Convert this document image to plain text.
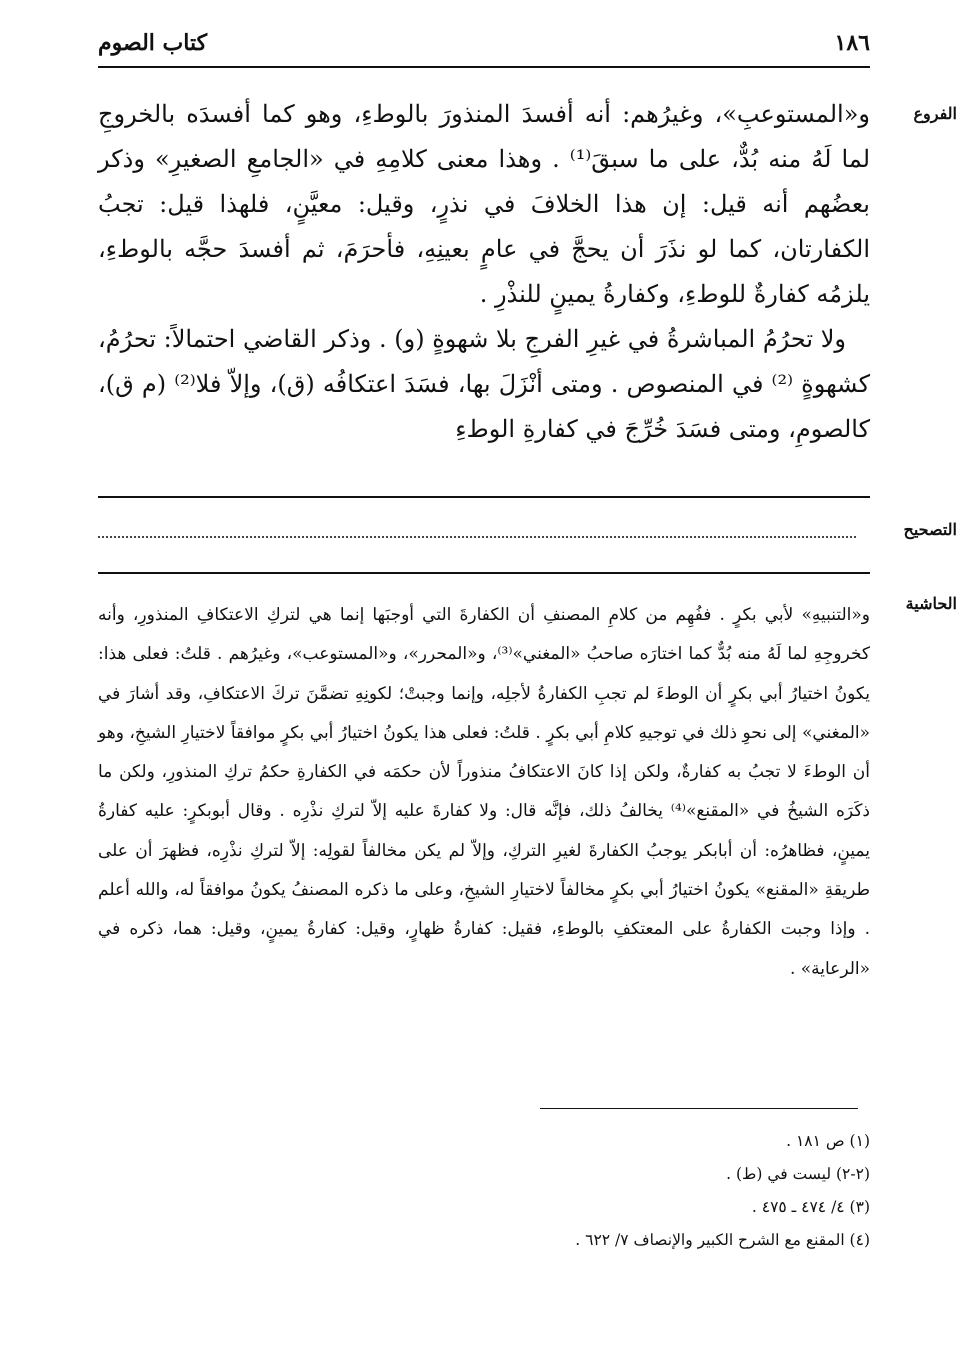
١٨٦
كتاب الصوم
الفروع
التصحيح
الحاشية

و«المستوعبِ»، وغيرُهم: أنه أفسدَ المنذورَ بالوطءِ، وهو كما أفسدَه بالخروجِ لما لَهُ منه بُدٌّ، على ما سبقَ⁽¹⁾ . وهذا معنى كلامِهِ في «الجامعِ الصغيرِ» وذكر بعضُهم أنه قيل: إن هذا الخلافَ في نذرٍ، وقيل: معيَّنٍ، فلهذا قيل: تجبُ الكفارتان، كما لو نذَرَ أن يحجَّ في عامٍ بعينِهِ، فأحرَمَ، ثم أفسدَ حجَّه بالوطءِ، يلزمُه كفارةٌ للوطءِ، وكفارةُ يمينٍ للنذْرِ .

ولا تحرُمُ المباشرةُ في غيرِ الفرجِ بلا شهوةٍ (و) . وذكر القاضي احتمالاً: تحرُمُ، كشهوةٍ ⁽²⁾ في المنصوص . ومتى أنْزَلَ بها، فسَدَ اعتكافُه (ق)، وإلاّ فلا⁽²⁾ (م ق)، كالصومِ، ومتى فسَدَ خُرِّجَ في كفارةِ الوطءِ

و«التنبيهِ» لأبي بكرٍ . ففُهِم من كلامِ المصنفِ أن الكفارةَ التي أوجبَها إنما هي لتركِ الاعتكافِ المنذورِ، وأنه كخروجِهِ لما لَهُ منه بُدٌّ كما اختارَه صاحبُ «المغني»⁽³⁾، و«المحرر»، و«المستوعب»، وغيرُهم . قلتُ: فعلى هذا: يكونُ اختيارُ أبي بكرٍ أن الوطءَ لم تجبِ الكفارةُ لأجلِه، وإنما وجبتْ؛ لكونِهِ تضمَّنَ تركَ الاعتكافِ، وقد أشارَ في «المغني» إلى نحوِ ذلك في توجيهِ كلامِ أبي بكرٍ . قلتُ: فعلى هذا يكونُ اختيارُ أبي بكرٍ موافقاً لاختيارِ الشيخِ، وهو أن الوطءَ لا تجبُ به كفارةٌ، ولكن إذا كانَ الاعتكافُ منذوراً لأن حكمَه في الكفارةِ حكمُ تركِ المنذورِ، ولكن ما ذكَرَه الشيخُ في «المقنع»⁽⁴⁾ يخالفُ ذلك، فإنَّه قال: ولا كفارةَ عليه إلاّ لتركِ نذْرِه . وقال أبوبكرٍ: عليه كفارةُ يمينٍ، فظاهرُه: أن أبابكر يوجبُ الكفارةَ لغيرِ التركِ، وإلاّ لم يكن مخالفاً لقولِه: إلاّ لتركِ نذْرِه، فظهرَ أن على طريقةِ «المقنع» يكونُ اختيارُ أبي بكرٍ مخالفاً لاختيارِ الشيخِ، وعلى ما ذكره المصنفُ يكونُ موافقاً له، والله أعلم . وإذا وجبت الكفارةُ على المعتكفِ بالوطءِ، فقيل: كفارةُ ظهارٍ، وقيل: كفارةُ يمينٍ، وقيل: هما، ذكره في «الرعاية» .

(١) ص ١٨١ .
(٢-٢) ليست في (ط) .
(٣) ٤/ ٤٧٤ ـ ٤٧٥ .
(٤) المقنع مع الشرح الكبير والإنصاف ٧/ ٦٢٢ .
